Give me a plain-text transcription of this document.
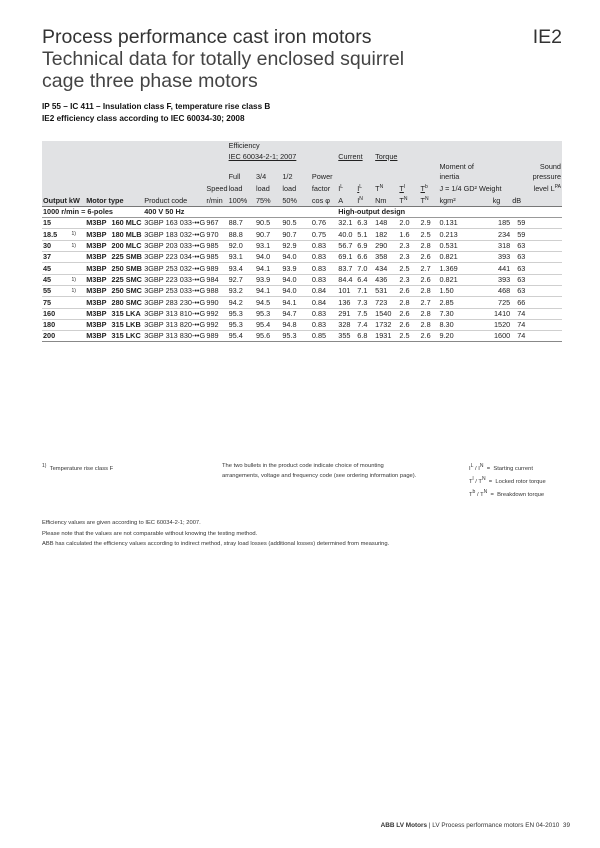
Process performance cast iron motors	IE2
Technical data for totally enclosed squirrel
cage three phase motors
IP 55 – IC 411 – Insulation class F, temperature rise class B
IE2 efficiency class according to IEC 60034-30; 2008
						Efficiency											
						IEC 60034-2-1; 2007				Current		Torque					
															Moment of		Sound
						Full	3/4	1/2	Power						inertia		pressure
					Speed	load	load	load	factor	$I^L$	$I^L$	$T^N$	$T^I$	$T^b$	J = 1/4 GD² Weight		level $L^{PA}$
Output kW		Motor type		Product code	r/min	100%	75%	50%	cos φ	A	$I^N$	Nm	$T^N$	$T^N$	kgm²	kg	dB
1000 r/min = 6-poles				400 V 50 Hz						High-output design							
15		M3BP	160 MLC	3GBP 163 033-••G	967	88.7	90.5	90.5	0.76	32.1	6.3	148	2.0	2.9	0.131	185	59
18.5	1)	M3BP	180 MLB	3GBP 183 032-••G	970	88.8	90.7	90.7	0.75	40.0	5.1	182	1.6	2.5	0.213	234	59
30	1)	M3BP	200 MLC	3GBP 203 033-••G	985	92.0	93.1	92.9	0.83	56.7	6.9	290	2.3	2.8	0.531	318	63
37		M3BP	225 SMB	3GBP 223 034-••G	985	93.1	94.0	94.0	0.83	69.1	6.6	358	2.3	2.6	0.821	393	63
45		M3BP	250 SMB	3GBP 253 032-••G	989	93.4	94.1	93.9	0.83	83.7	7.0	434	2.5	2.7	1.369	441	63
45	1)	M3BP	225 SMC	3GBP 223 033-••G	984	92.7	93.9	94.0	0.83	84.4	6.4	436	2.3	2.6	0.821	393	63
55	1)	M3BP	250 SMC	3GBP 253 033-••G	988	93.2	94.1	94.0	0.84	101	7.1	531	2.6	2.8	1.50	468	63
75		M3BP	280 SMC	3GBP 283 230-••G	990	94.2	94.5	94.1	0.84	136	7.3	723	2.8	2.7	2.85	725	66
160		M3BP	315 LKA	3GBP 313 810-••G	992	95.3	95.3	94.7	0.83	291	7.5	1540	2.6	2.8	7.30	1410	74
180		M3BP	315 LKB	3GBP 313 820-••G	992	95.3	95.4	94.8	0.83	328	7.4	1732	2.6	2.8	8.30	1520	74
200		M3BP	315 LKC	3GBP 313 830-••G	989	95.4	95.6	95.3	0.85	355	6.8	1931	2.5	2.6	9.20	1600	74
1) Temperature rise class F	The two bullets in the product code indicate choice of mounting
arrangements, voltage and frequency code (see ordering information page).
IL / IN  =  Starting current
Tl / TN  =  Locked rotor torque
Tb / TN  =  Breakdown torque
Efficiency values are given according to IEC 60034-2-1; 2007.
Please note that the values are not comparable without knowing the testing method.
ABB has calculated the efficiency values according to indirect method, stray load losses (additional losses) determined from measuring.
ABB LV Motors | LV Process performance motors EN 04-2010 39
